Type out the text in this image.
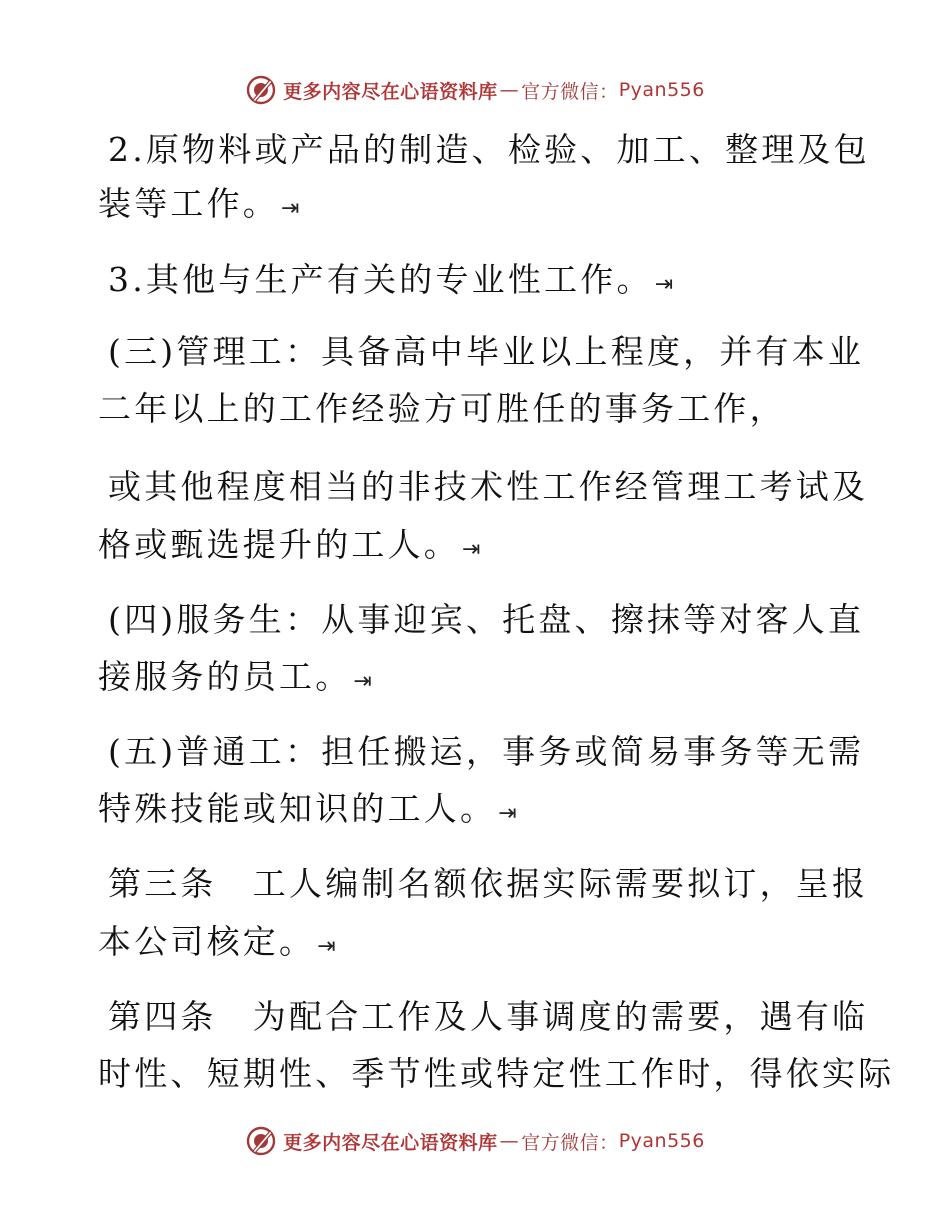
更多内容尽在心语资料库 — 官方微信： Pyan556
2.原物料或产品的制造、检验、加工、整理及包
装等工作。⇥
3.其他与生产有关的专业性工作。⇥
(三)管理工：具备高中毕业以上程度，并有本业
二年以上的工作经验方可胜任的事务工作，
或其他程度相当的非技术性工作经管理工考试及
格或甄选提升的工人。⇥
(四)服务生：从事迎宾、托盘、擦抹等对客人直
接服务的员工。⇥
(五)普通工：担任搬运，事务或简易事务等无需
特殊技能或知识的工人。⇥
第三条　工人编制名额依据实际需要拟订，呈报
本公司核定。⇥
第四条　为配合工作及人事调度的需要，遇有临
时性、短期性、季节性或特定性工作时，得依实际
更多内容尽在心语资料库 — 官方微信： Pyan556
